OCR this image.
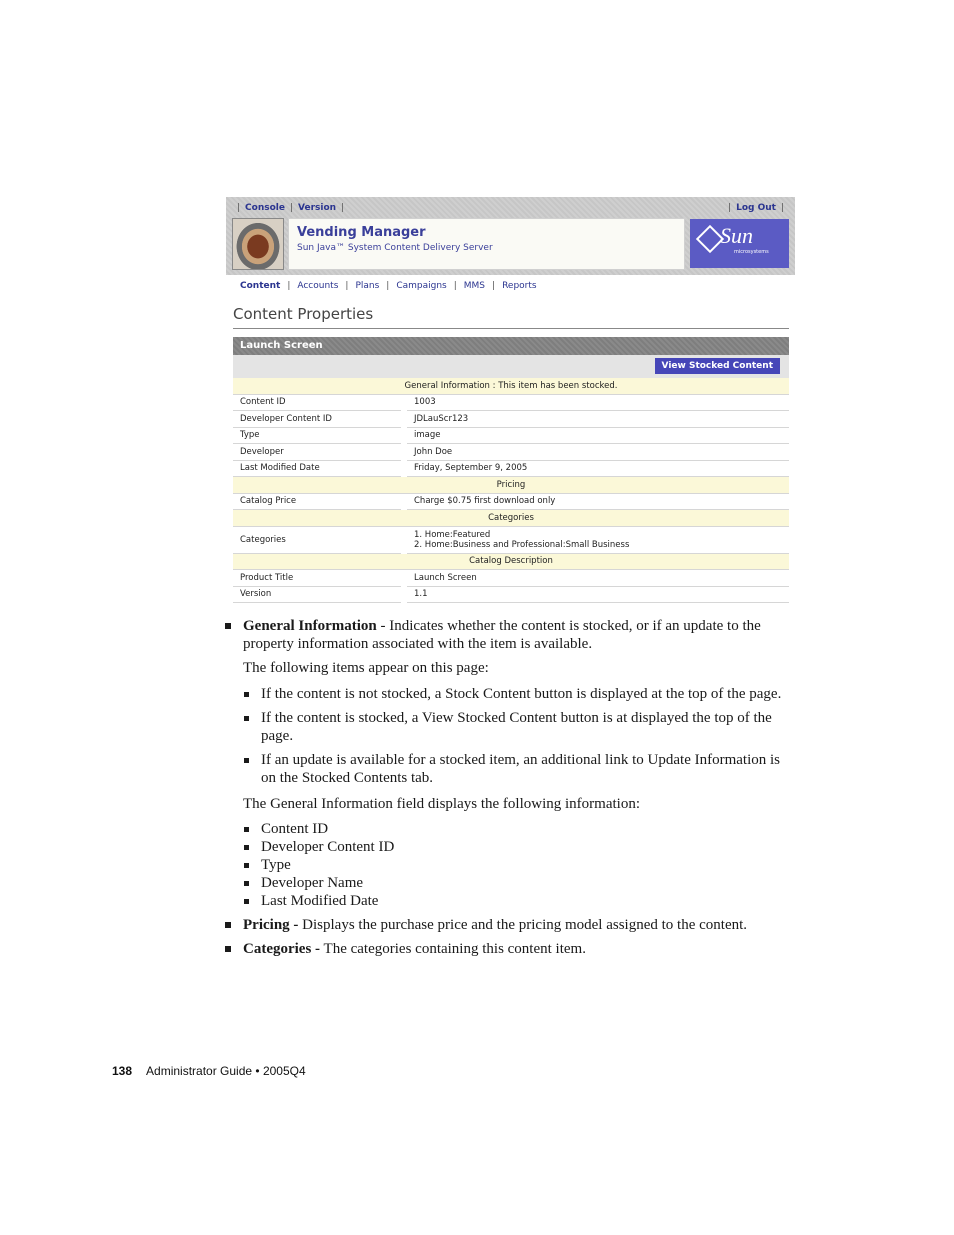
| Console | Version |	| Log Out |
Vending Manager
Sun Java™ System Content Delivery Server	Sun
microsystems
Content | Accounts | Plans | Campaigns | MMS | Reports
Content Properties
Launch Screen
View Stocked Content
General Information : This item has been stocked.		
Content ID		1003
Developer Content ID		JDLauScr123
Type		image
Developer		John Doe
Last Modified Date		Friday, September 9, 2005
Pricing		
Catalog Price		Charge $0.75 first download only
Categories		
Categories		1. Home:Featured
2. Home:Business and Professional:Small Business

Catalog Description		
Product Title		Launch Screen
Version		1.1
General Information - Indicates whether the content is stocked, or if an update to the property information associated with the item is available.
The following items appear on this page:
If the content is not stocked, a Stock Content button is displayed at the top of the page.
If the content is stocked, a View Stocked Content button is at displayed the top of the page.
If an update is available for a stocked item, an additional link to Update Information is on the Stocked Contents tab.
The General Information field displays the following information:
Content ID
Developer Content ID
Type
Developer Name
Last Modified Date
Pricing - Displays the purchase price and the pricing model assigned to the content.
Categories - The categories containing this content item.
138 Administrator Guide • 2005Q4
